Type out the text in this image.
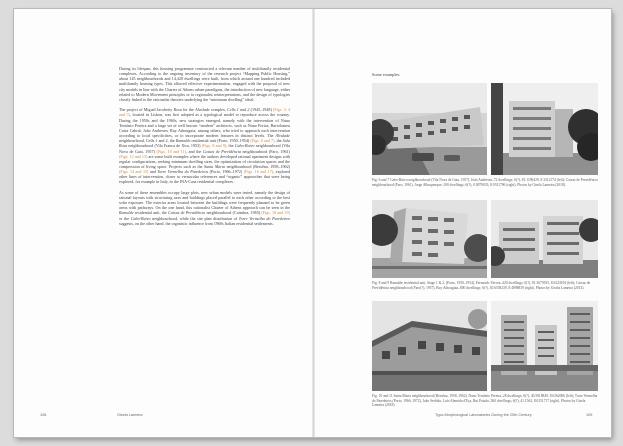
During its lifespan, this housing programme constructed a relevant number of multifamily residential complexes. According to the ongoing inventory of the research project “Mapping Public Housing,” about 145 neighbourhoods and 14,420 dwellings were built, from which around one hundred included multifamily housing types. This allowed effective experimentation, engaged with the proposal of new city models in line with the Charter of Athens urban paradigms, the introduction of new language, either related to Modern Movement principles or to regionalist reinterpretations, and the design of typologies closely linked to the rationalist theories underlying the “minimum dwelling” ideal.

The project of Miguel Jacobetty Rosa for the Alvalade complex, Cells 1 and 2 (1945–1948) (Figs. 3, 4 and 5), located in Lisbon, was first adopted as a typological model to reproduce across the country. During the 1950s and the 1960s, new strategies emerged, namely with the intervention of Nuno Teotónio Pereira and a large set of well known “modern” architects, such as Nuno Portas, Bartolomeu Costa Cabral, João Andresen, Ruy Athouguia, among others, who tried to approach each intervention according to local specificities, or to incorporate modern features in distinct levels. The Alvalade neighbourhood, Cells 1 and 2, the Ramalde residential unit (Porto, 1950–1954) (Figs. 6 and 7), the Sala Rosa neighbourhood (Vila Franca de Xira, 1953) (Figs. 8 and 9), the Cabo-Ruivo neighbourhood (Vila Nova de Gaia, 1957) (Figs. 10 and 11), and the Caixas de Previdência neighbourhood (Faro, 1961) (Figs. 12 and 13) are some built examples where the authors developed rational apartment designs with regular configurations, seeking minimum dwelling sizes, the optimization of circulation spaces and the compression of living space. Projects such as the Santa Marta neighbourhood (Bessêna, 1958–1962) (Figs. 14 and 15) and Torre Vermelha do Paredeiros (Porto, 1966–1972) (Figs. 16 and 17), explored other lines of intervention, closer to vernacular references and “organic” approaches that were being explored, for example in Italy, in the INA-Casa residential complexes.

As some of these ensembles occupy large plots, new urban models were tested, namely the design of rational layouts with structuring axes and buildings placed parallel to each other according to the best solar exposure. The exterior areas located between the buildings were frequently planned to be green areas with pathways. On the one hand, this rationalist Charter of Athens approach can be seen in the Ramalde residential unit, the Caixas de Previdência neighbourhood (Coimbra, 1965) (Figs. 18 and 19) or the Cabo-Ruivo neighbourhood, while the site plan distribution of Torre Vermelha do Paredeiros suggests, on the other hand, the organistic influence from 1960s Italian residential settlements.

108	Gisela Lameira
Some examples:
Fig. 6 and 7 Cabo-Ruivo neighbourhood (Vila Nova de Gaia, 1957), João Andresen–72 dwellings; 6(?), 81.1196429, 8.3312174 (left); Caixas de Previdência neighbourhood (Faro, 1961), Jorge Albuquerque–100 dwellings; 6(?), 0.0079033, 8.9311796 (right). Photos by Gisela Lameira (2018).
Fig. 8 and 9 Ramalde residential unit, Stage 1 & 2, (Porto, 1950–1954), Fernando Távora–420 dwellings; 6(?), 81.3673935, 8.6324194 (left); Caixas de Previdência neighbourhood (Faro(?), 1957), Ruy Athouguia–800 dwellings; 6(?), 30.6538239, 8.4898839 (right). Photos by Gisela Lameira (2013).
Fig. 10 and 11 Santa Marta neighbourhood (Bessêna, 1958–1962), Nuno Teotónio Pereira–28 dwellings; 6(?), 40.5018849, 8.6362006 (left); Torre Vermelha do Paredeiros (Porto, 1966–1972), João Serôdio, Luís Almeida d'Eça, Rui Paixão–560 dwellings; 6(?), 41.1562, 8.6151717 (right). Photos by Gisela Lameira (2018).
Typo-Morphological Laboratories During the 20th Century	109
